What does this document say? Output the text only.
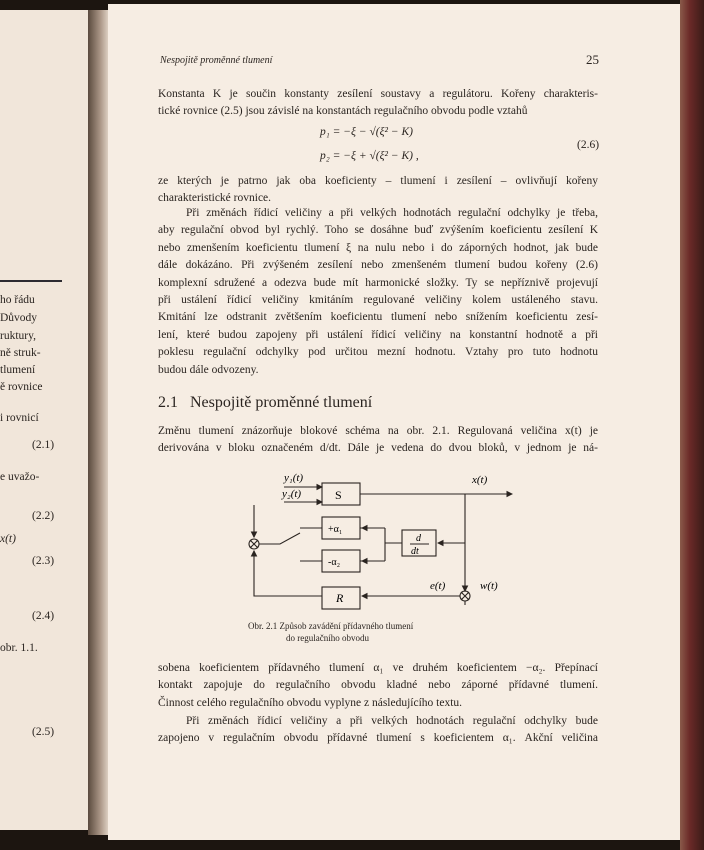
ho řádu
Důvody
ruktury,
ně struk-
tlumení
ě rovnice
i rovnicí
(2.1)
e uvažo-
(2.2)
x(t)
(2.3)
(2.4)
obr. 1.1.
(2.5)
Nespojitě proměnné tlumení	25
Konstanta K je součin konstanty zesílení soustavy a regulátoru. Kořeny charakteris-
tické rovnice (2.5) jsou závislé na konstantách regulačního obvodu podle vztahů
p₁ = −ξ − √(ξ² − K)
p₂ = −ξ + √(ξ² − K) ,
(2.6)
ze kterých je patrno jak oba koeficienty – tlumení i zesílení – ovlivňují kořeny
charakteristické rovnice.
Při změnách řídicí veličiny a při velkých hodnotách regulační odchylky je třeba,
aby regulační obvod byl rychlý. Toho se dosáhne buď zvýšením koeficientu zesílení K
nebo zmenšením koeficientu tlumení ξ na nulu nebo i do záporných hodnot, jak bude
dále dokázáno. Při zvýšeném zesílení nebo zmenšeném tlumení budou kořeny (2.6)
komplexní sdružené a odezva bude mít harmonické složky. Ty se nepříznivě projevují
při ustálení řídicí veličiny kmitáním regulované veličiny kolem ustáleného stavu.
Kmitání lze odstranit zvětšením koeficientu tlumení nebo snížením koeficientu zesí-
lení, které budou zapojeny při ustálení řídicí veličiny na konstantní hodnotě a při
poklesu regulační odchylky pod určitou mezní hodnotu. Vztahy pro tuto hodnotu
budou dále odvozeny.
2.1 Nespojitě proměnné tlumení
Změnu tlumení znázorňuje blokové schéma na obr. 2.1. Regulovaná veličina x(t) je
derivována v bloku označeném d/dt. Dále je vedena do dvou bloků, v jednom je ná-
y₁(t)
y₂(t)	S
+α₁
-α₂
R
d
dt
x(t)
e(t)	w(t)
Obr. 2.1 Způsob zavádění přídavného tlumení
do regulačního obvodu
sobena koeficientem přídavného tlumení α₁ ve druhém koeficientem −α₂. Přepínací
kontakt zapojuje do regulačního obvodu kladné nebo záporné přídavné tlumení.
Činnost celého regulačního obvodu vyplyne z následujícího textu.
Při změnách řídicí veličiny a při velkých hodnotách regulační odchylky bude
zapojeno v regulačním obvodu přídavné tlumení s koeficientem α₁. Akční veličina
